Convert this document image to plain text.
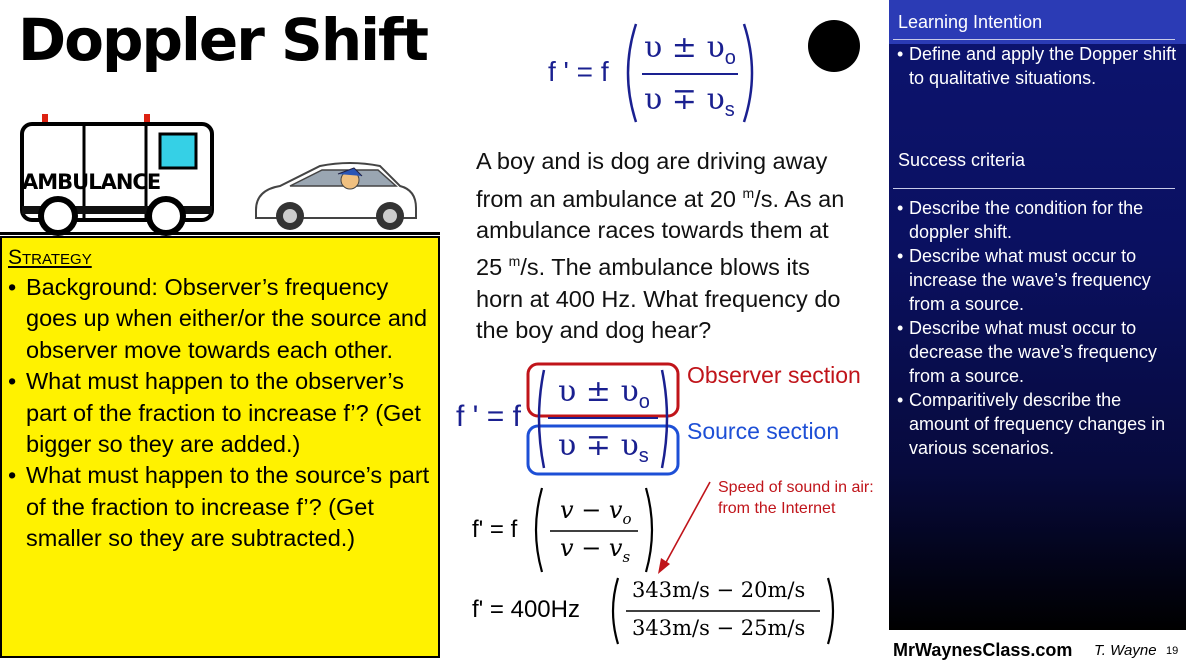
Doppler Shift	f ' = f
$\upsilon \pm \upsilon_o$
$\upsilon \mp \upsilon_s$
AMBULANCE
A boy and is dog are driving away
from an ambulance at 20 $^m$/s. As an
ambulance races towards them at
25 $^m$/s. The ambulance blows its
horn at 400 Hz. What frequency do
the boy and dog hear?
f ' = f
$\upsilon \pm \upsilon_o$
$\upsilon \mp \upsilon_s$
Observer section
Source section
Speed of sound in air:
from the Internet
f' = f
$v - v_o$
$v - v_s$
f' = 400Hz
343m/s − 20m/s
343m/s − 25m/s
Strategy
• Background: Observer’s frequency goes up when either/or the source and observer move towards each other.
• What must happen to the observer’s part of the fraction to increase f’? (Get bigger so they are added.)
• What must happen to the source’s part of the fraction to increase f’? (Get smaller so they are subtracted.)
Learning Intention
• Define and apply the Dopper shift to qualitative situations.
Success criteria
• Describe the condition for the doppler shift.
• Describe what must occur to increase the wave’s frequency from a source.
• Describe what must occur to decrease the wave’s frequency from a source.
• Comparitively describe the amount of frequency changes in various scenarios.
MrWaynesClass.com T. Wayne 19
